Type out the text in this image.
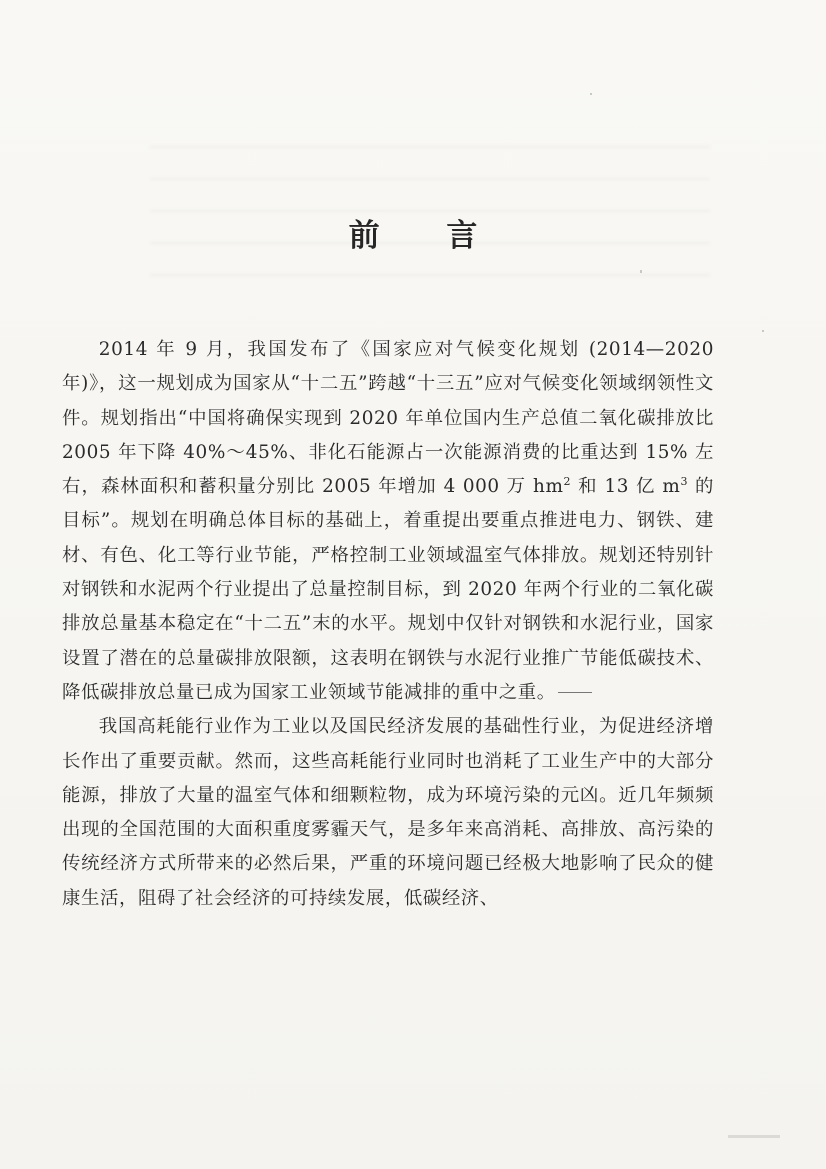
前 言

2014 年 9 月，我国发布了《国家应对气候变化规划 (2014—2020 年)》，这一规划成为国家从“十二五”跨越“十三五”应对气候变化领域纲领性文件。规划指出“中国将确保实现到 2020 年单位国内生产总值二氧化碳排放比 2005 年下降 40%～45%、非化石能源占一次能源消费的比重达到 15% 左右，森林面积和蓄积量分别比 2005 年增加 4 000 万 $hm^2$ 和 13 亿 $m^3$ 的目标”。规划在明确总体目标的基础上，着重提出要重点推进电力、钢铁、建材、有色、化工等行业节能，严格控制工业领域温室气体排放。规划还特别针对钢铁和水泥两个行业提出了总量控制目标，到 2020 年两个行业的二氧化碳排放总量基本稳定在“十二五”末的水平。规划中仅针对钢铁和水泥行业，国家设置了潜在的总量碳排放限额，这表明在钢铁与水泥行业推广节能低碳技术、降低碳排放总量已成为国家工业领域节能减排的重中之重。

我国高耗能行业作为工业以及国民经济发展的基础性行业，为促进经济增长作出了重要贡献。然而，这些高耗能行业同时也消耗了工业生产中的大部分能源，排放了大量的温室气体和细颗粒物，成为环境污染的元凶。近几年频频出现的全国范围的大面积重度雾霾天气，是多年来高消耗、高排放、高污染的传统经济方式所带来的必然后果，严重的环境问题已经极大地影响了民众的健康生活，阻碍了社会经济的可持续发展，低碳经济、
